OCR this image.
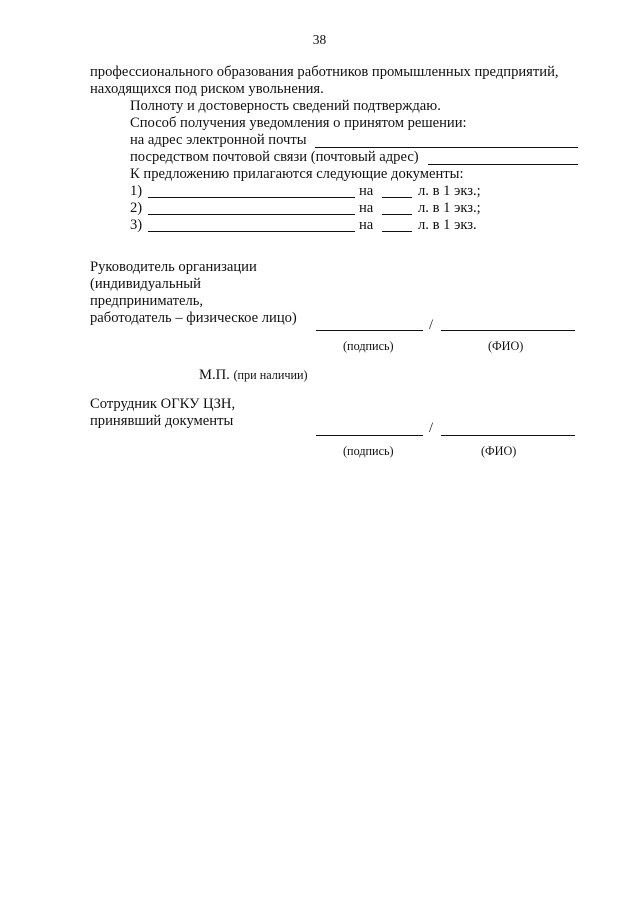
38
профессионального образования работников промышленных предприятий,
находящихся под риском увольнения.
Полноту и достоверность сведений подтверждаю.
Способ получения уведомления о принятом решении:
на адрес электронной почты
посредством почтовой связи (почтовый адрес)
К предложению прилагаются следующие документы:
1)	на	л. в 1 экз.;
2)	на	л. в 1 экз.;
3)	на	л. в 1 экз.
Руководитель организации
(индивидуальный
предприниматель,
работодатель – физическое лицо)	/
(подпись)	(ФИО)
М.П. (при наличии)
Сотрудник ОГКУ ЦЗН,
принявший документы	/
(подпись)	(ФИО)
